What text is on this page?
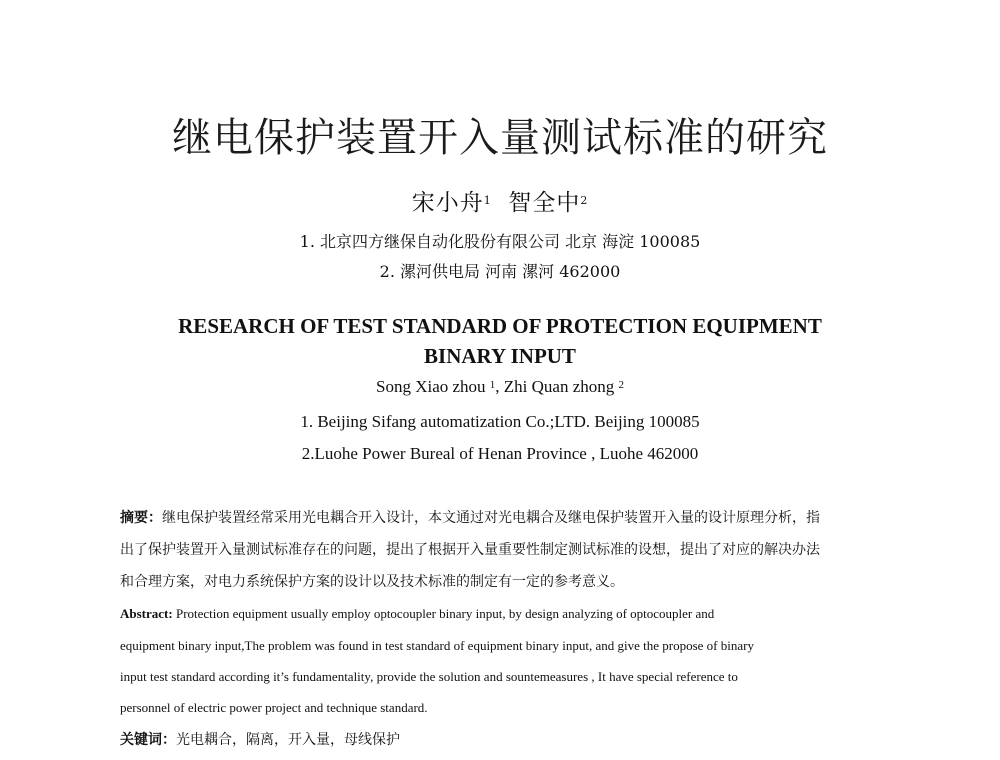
继电保护装置开入量测试标准的研究
宋小舟$^1$ 智全中$^2$
1. 北京四方继保自动化股份有限公司 北京 海淀 100085
2. 漯河供电局 河南 漯河 462000
RESEARCH OF TEST STANDARD OF PROTECTION EQUIPMENT
BINARY INPUT
Song Xiao zhou $^1$, Zhi Quan zhong $^2$
1. Beijing Sifang automatization Co.;LTD. Beijing 100085
2.Luohe Power Bureal of Henan Province , Luohe 462000
摘要：继电保护装置经常采用光电耦合开入设计，本文通过对光电耦合及继电保护装置开入量的设计原理分析，指
出了保护装置开入量测试标准存在的问题，提出了根据开入量重要性制定测试标准的设想，提出了对应的解决办法
和合理方案，对电力系统保护方案的设计以及技术标准的制定有一定的参考意义。
Abstract: Protection equipment usually employ optocoupler binary input, by design analyzing of optocoupler and
equipment binary input,The problem was found in test standard of equipment binary input, and give the propose of binary
input test standard according it’s fundamentality, provide the solution and sountemeasures , It have special reference to
personnel of electric power project and technique standard.
关键词：光电耦合，隔离，开入量，母线保护
